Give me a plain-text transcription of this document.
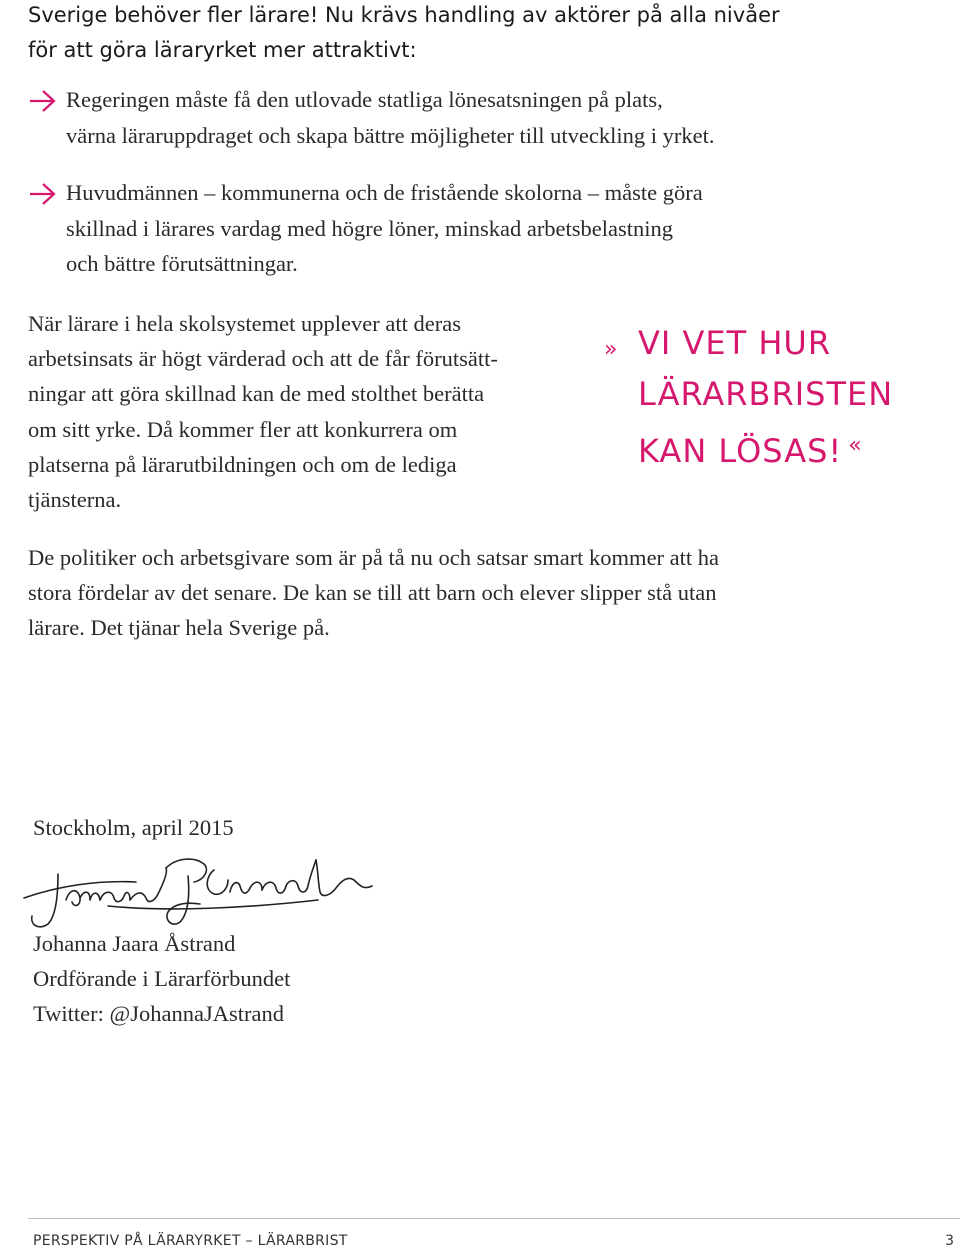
Sverige behöver fler lärare! Nu krävs handling av aktörer på alla nivåer
för att göra läraryrket mer attraktivt:
Regeringen måste få den utlovade statliga lönesatsningen på plats,
värna läraruppdraget och skapa bättre möjligheter till utveckling i yrket.
Huvudmännen – kommunerna och de fristående skolorna – måste göra
skillnad i lärares vardag med högre löner, minskad arbetsbelastning
och bättre förutsättningar.
När lärare i hela skolsystemet upplever att deras
arbetsinsats är högt värderad och att de får förutsätt-
ningar att göra skillnad kan de med stolthet berätta
om sitt yrke. Då kommer fler att konkurrera om
platserna på lärarutbildningen och om de lediga
tjänsterna.
» VI VET HUR
LÄRARBRISTEN
KAN LÖSAS! «
De politiker och arbetsgivare som är på tå nu och satsar smart kommer att ha
stora fördelar av det senare. De kan se till att barn och elever slipper stå utan
lärare. Det tjänar hela Sverige på.
Stockholm, april 2015
Johanna Jaara Åstrand
Ordförande i Lärarförbundet
Twitter: @JohannaJAstrand
PERSPEKTIV PÅ LÄRARYRKET – LÄRARBRIST	3
